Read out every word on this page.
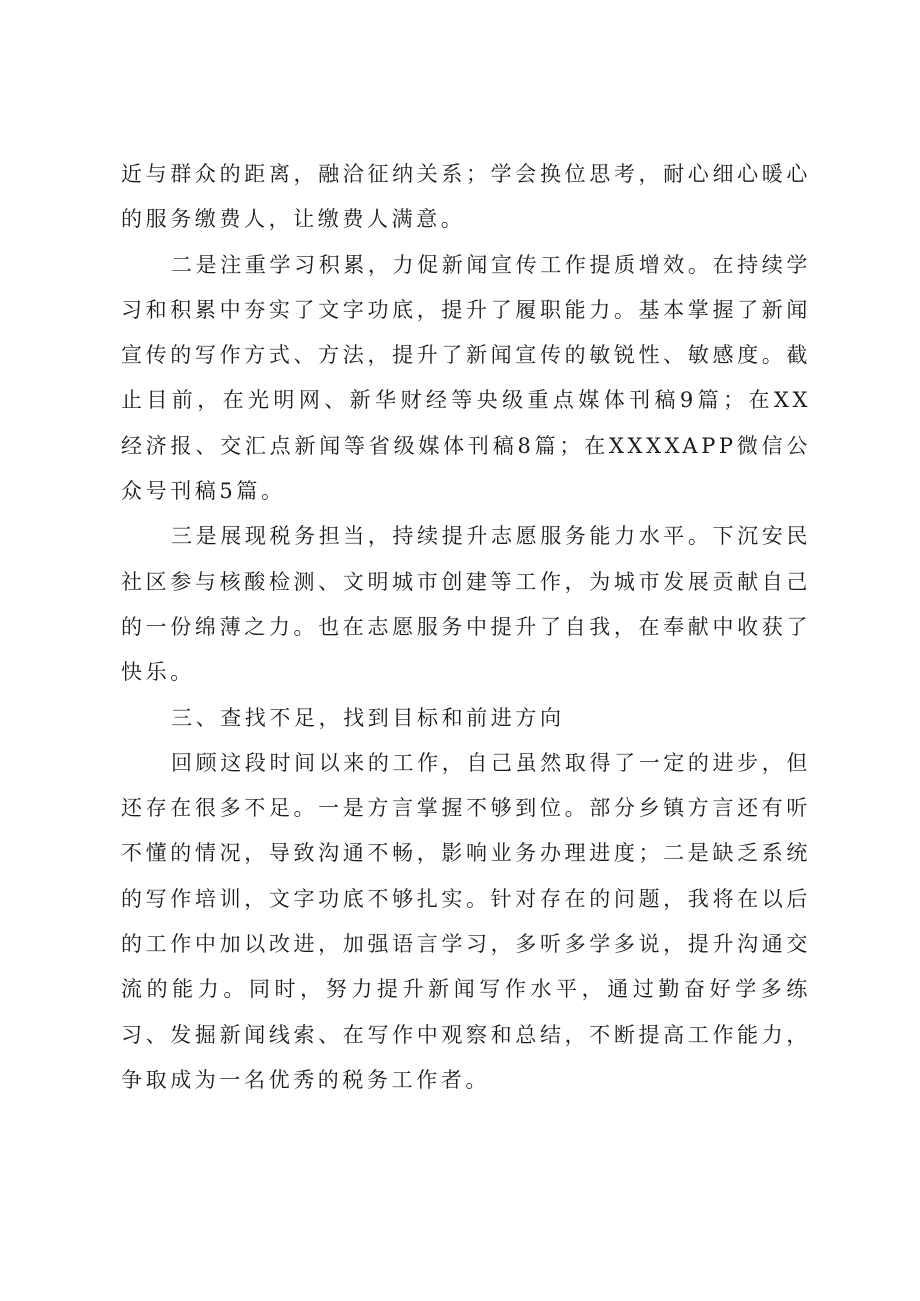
近与群众的距离，融洽征纳关系；学会换位思考，耐心细心暖心的服务缴费人，让缴费人满意。

二是注重学习积累，力促新闻宣传工作提质增效。在持续学习和积累中夯实了文字功底，提升了履职能力。基本掌握了新闻宣传的写作方式、方法，提升了新闻宣传的敏锐性、敏感度。截止目前，在光明网、新华财经等央级重点媒体刊稿9篇；在XX经济报、交汇点新闻等省级媒体刊稿8篇；在XXXXAPP微信公众号刊稿5篇。

三是展现税务担当，持续提升志愿服务能力水平。下沉安民社区参与核酸检测、文明城市创建等工作，为城市发展贡献自己的一份绵薄之力。也在志愿服务中提升了自我，在奉献中收获了快乐。

三、查找不足，找到目标和前进方向

回顾这段时间以来的工作，自己虽然取得了一定的进步，但还存在很多不足。一是方言掌握不够到位。部分乡镇方言还有听不懂的情况，导致沟通不畅，影响业务办理进度；二是缺乏系统的写作培训，文字功底不够扎实。针对存在的问题，我将在以后的工作中加以改进，加强语言学习，多听多学多说，提升沟通交流的能力。同时，努力提升新闻写作水平，通过勤奋好学多练习、发掘新闻线索、在写作中观察和总结，不断提高工作能力，争取成为一名优秀的税务工作者。
